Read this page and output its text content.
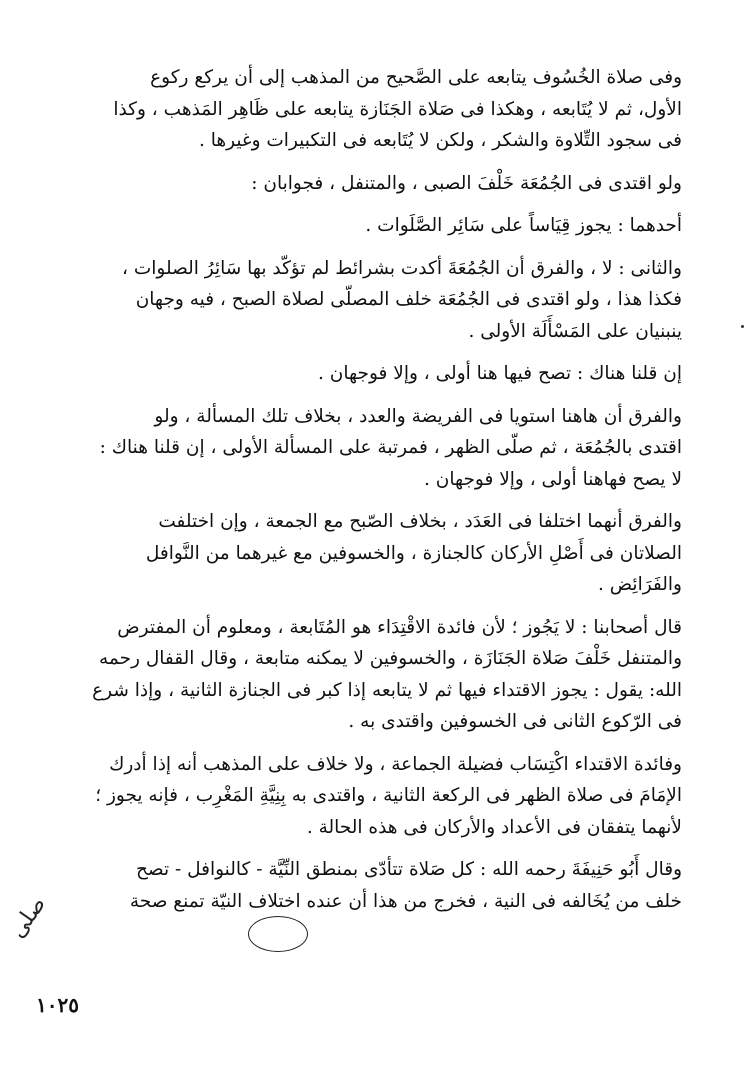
وفى صلاة الخُسُوف يتابعه على الصَّحيح من المذهب إلى أن يركع ركوع
الأول، ثم لا يُتَابعه ، وهكذا فى صَلاة الجَنَازة يتابعه على ظَاهِر المَذهب ، وكذا
فى سجود التِّلاوة والشكر ، ولكن لا يُتَابعه فى التكبيرات وغيرها .

ولو اقتدى فى الجُمُعَة خَلْفَ الصبى ، والمتنفل ، فجوابان :

أحدهما : يجوز قِيَاساً على سَائِر الصَّلَوات .

والثانى : لا ، والفرق أن الجُمُعَةَ أكدت بشرائط لم تؤكّد بها سَائِرُ الصلوات ،
فكذا هذا ، ولو اقتدى فى الجُمُعَة خلف المصلّى لصلاة الصبح ، فيه وجهان
ينبنيان على المَسْأَلَة الأولى .

إن قلنا هناك : تصح فيها هنا أولى ، وإلا فوجهان .

والفرق أن هاهنا استويا فى الفريضة والعدد ، بخلاف تلك المسألة ، ولو
اقتدى بالجُمُعَة ، ثم صلّى الظهر ، فمرتبة على المسألة الأولى ، إن قلنا هناك :
لا يصح فهاهنا أولى ، وإلا فوجهان .

والفرق أنهما اختلفا فى العَدَد ، بخلاف الصّبح مع الجمعة ، وإن اختلفت
الصلاتان فى أَصْلِ الأركان كالجنازة ، والخسوفين مع غيرهما من النَّوافل
والفَرَائِض .

قال أصحابنا : لا يَجُوز ؛ لأن فائدة الاقْتِدَاء هو المُتَابعة ، ومعلوم أن المفترض
والمتنفل خَلْفَ صَلاة الجَنَازَة ، والخسوفين لا يمكنه متابعة ، وقال القفال رحمه
الله: يقول : يجوز الاقتداء فيها ثم لا يتابعه إذا كبر فى الجنازة الثانية ، وإذا شرع
فى الرّكوع الثانى فى الخسوفين واقتدى به .

وفائدة الاقتداء اكْتِسَاب فضيلة الجماعة ، ولا خلاف على المذهب أنه إذا أدرك
الإمَامَ فى صلاة الظهر فى الركعة الثانية ، واقتدى به بِنِيَّةِ المَغْرِب ، فإنه يجوز ؛
لأنهما يتفقان فى الأعداد والأركان فى هذه الحالة .

وقال أَبُو حَنِيفَةَ رحمه الله : كل صَلاة تتأدّى بمنطق النِّيَّة - كالنوافل - تصح
خلف من يُخَالفه فى النية ، فخرج من هذا أن عنده اختلاف النيّة تمنع صحة

صلى
١٠٢٥
